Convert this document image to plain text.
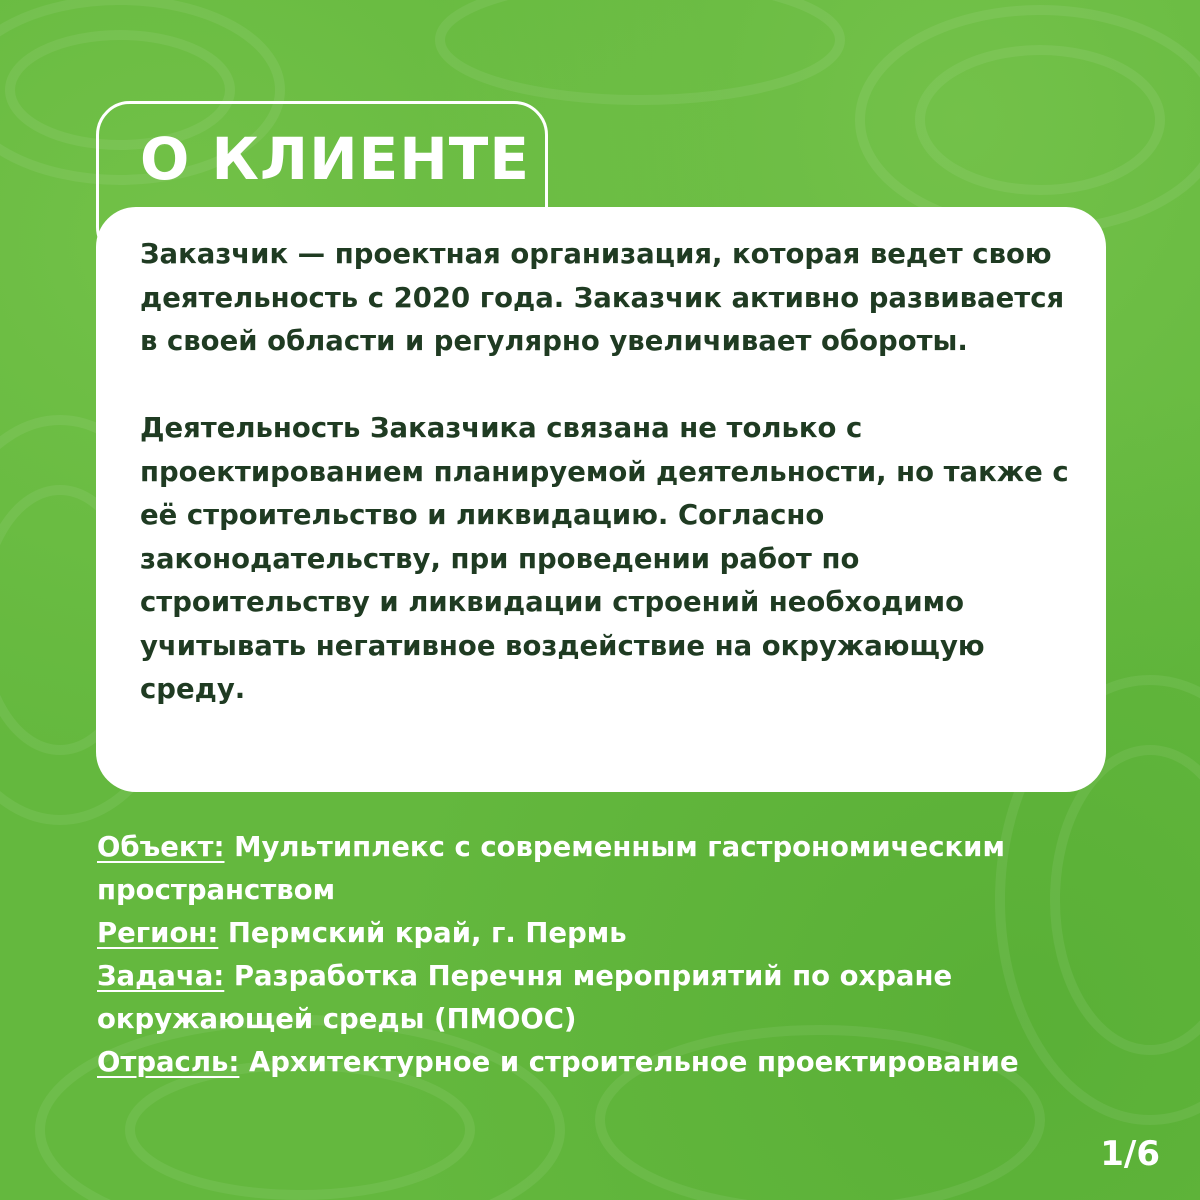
О КЛИЕНТЕ

Заказчик — проектная организация, которая ведет свою деятельность с 2020 года. Заказчик активно развивается в своей области и регулярно увеличивает обороты.

Деятельность Заказчика связана не только с проектированием планируемой деятельности, но также с её строительство и ликвидацию. Согласно законодательству, при проведении работ по строительству и ликвидации строений необходимо учитывать негативное воздействие на окружающую среду.

Объект: Мультиплекс с современным гастрономическим пространством
Регион: Пермский край, г. Пермь
Задача: Разработка Перечня мероприятий по охране окружающей среды (ПМООС)
Отрасль: Архитектурное и строительное проектирование
1/6
